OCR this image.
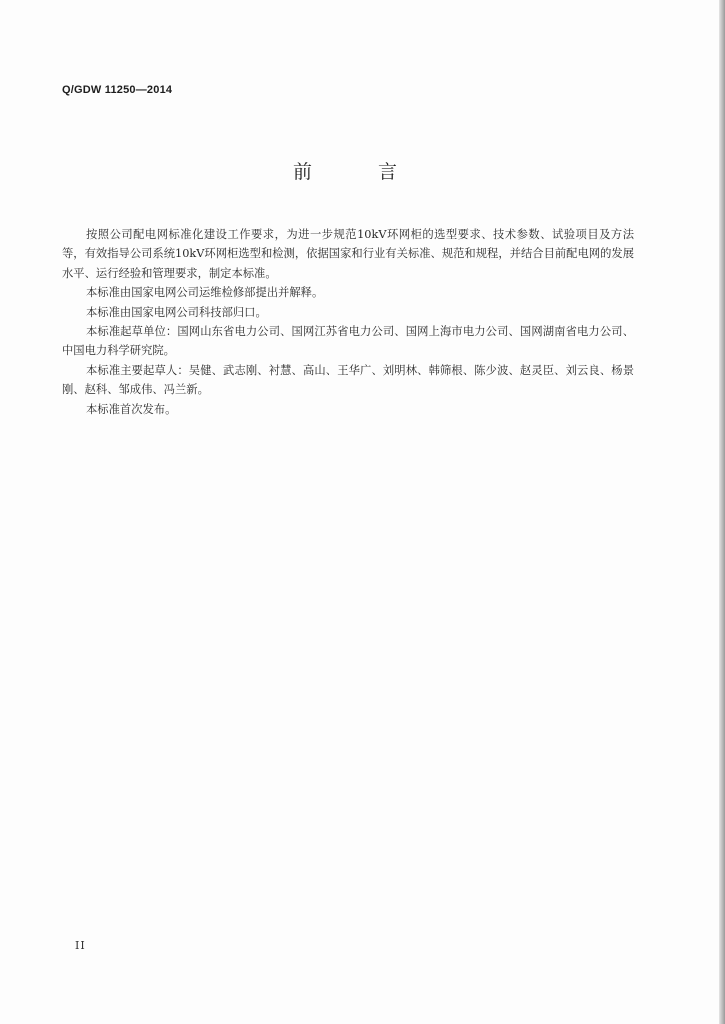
Q/GDW 11250—2014
前言

按照公司配电网标准化建设工作要求，为进一步规范10kV环网柜的选型要求、技术参数、试验项目及方法等，有效指导公司系统10kV环网柜选型和检测，依据国家和行业有关标准、规范和规程，并结合目前配电网的发展水平、运行经验和管理要求，制定本标准。

本标准由国家电网公司运维检修部提出并解释。

本标准由国家电网公司科技部归口。

本标准起草单位：国网山东省电力公司、国网江苏省电力公司、国网上海市电力公司、国网湖南省电力公司、中国电力科学研究院。

本标准主要起草人：吴健、武志刚、衬慧、高山、王华广、刘明林、韩筛根、陈少波、赵灵臣、刘云良、杨景刚、赵科、邹成伟、冯兰新。

本标准首次发布。

II
